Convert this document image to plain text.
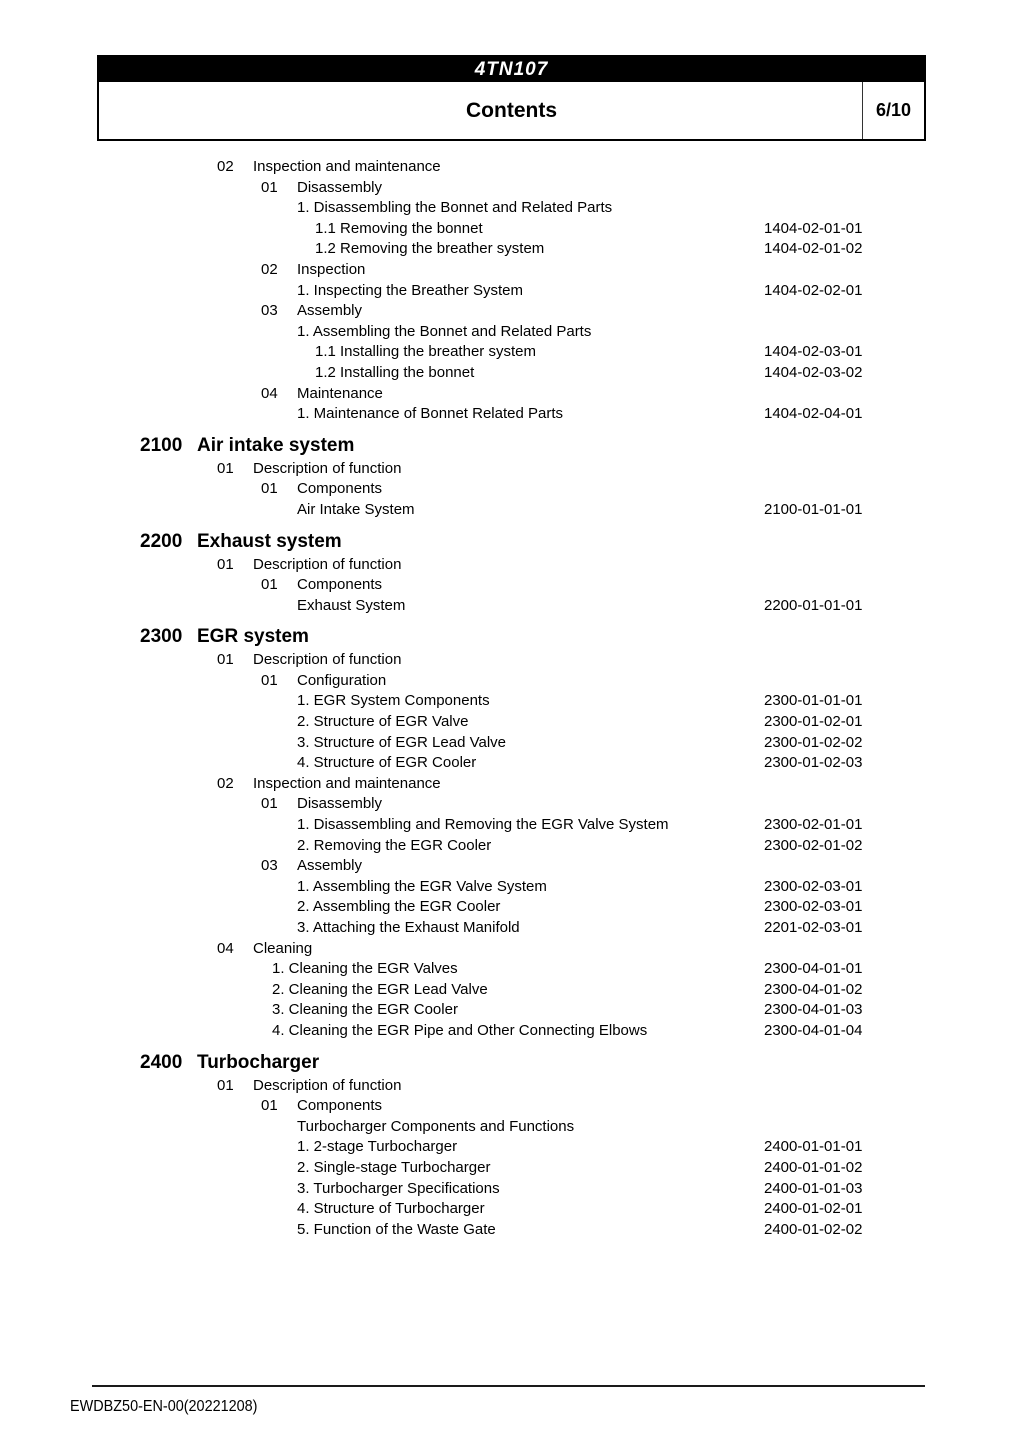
4TN107
Contents	6/10
02 Inspection and maintenance
01 Disassembly
1. Disassembling the Bonnet and Related Parts
1.1 Removing the bonnet	1404-02-01-01
1.2 Removing the breather system	1404-02-01-02
02 Inspection
1. Inspecting the Breather System	1404-02-02-01
03 Assembly
1. Assembling the Bonnet and Related Parts
1.1 Installing the breather system	1404-02-03-01
1.2 Installing the bonnet	1404-02-03-02
04 Maintenance
1. Maintenance of Bonnet Related Parts	1404-02-04-01
2100 Air intake system
01 Description of function
01 Components
Air Intake System	2100-01-01-01
2200 Exhaust system
01 Description of function
01 Components
Exhaust System	2200-01-01-01
2300 EGR system
01 Description of function
01 Configuration
1. EGR System Components	2300-01-01-01
2. Structure of EGR Valve	2300-01-02-01
3. Structure of EGR Lead Valve	2300-01-02-02
4. Structure of EGR Cooler	2300-01-02-03
02 Inspection and maintenance
01 Disassembly
1. Disassembling and Removing the EGR Valve System	2300-02-01-01
2. Removing the EGR Cooler	2300-02-01-02
03 Assembly
1. Assembling the EGR Valve System	2300-02-03-01
2. Assembling the EGR Cooler	2300-02-03-01
3. Attaching the Exhaust Manifold	2201-02-03-01
04 Cleaning
1. Cleaning the EGR Valves	2300-04-01-01
2. Cleaning the EGR Lead Valve	2300-04-01-02
3. Cleaning the EGR Cooler	2300-04-01-03
4. Cleaning the EGR Pipe and Other Connecting Elbows	2300-04-01-04
2400 Turbocharger
01 Description of function
01 Components
Turbocharger Components and Functions
1. 2-stage Turbocharger	2400-01-01-01
2. Single-stage Turbocharger	2400-01-01-02
3. Turbocharger Specifications	2400-01-01-03
4. Structure of Turbocharger	2400-01-02-01
5. Function of the Waste Gate	2400-01-02-02
EWDBZ50-EN-00(20221208)
